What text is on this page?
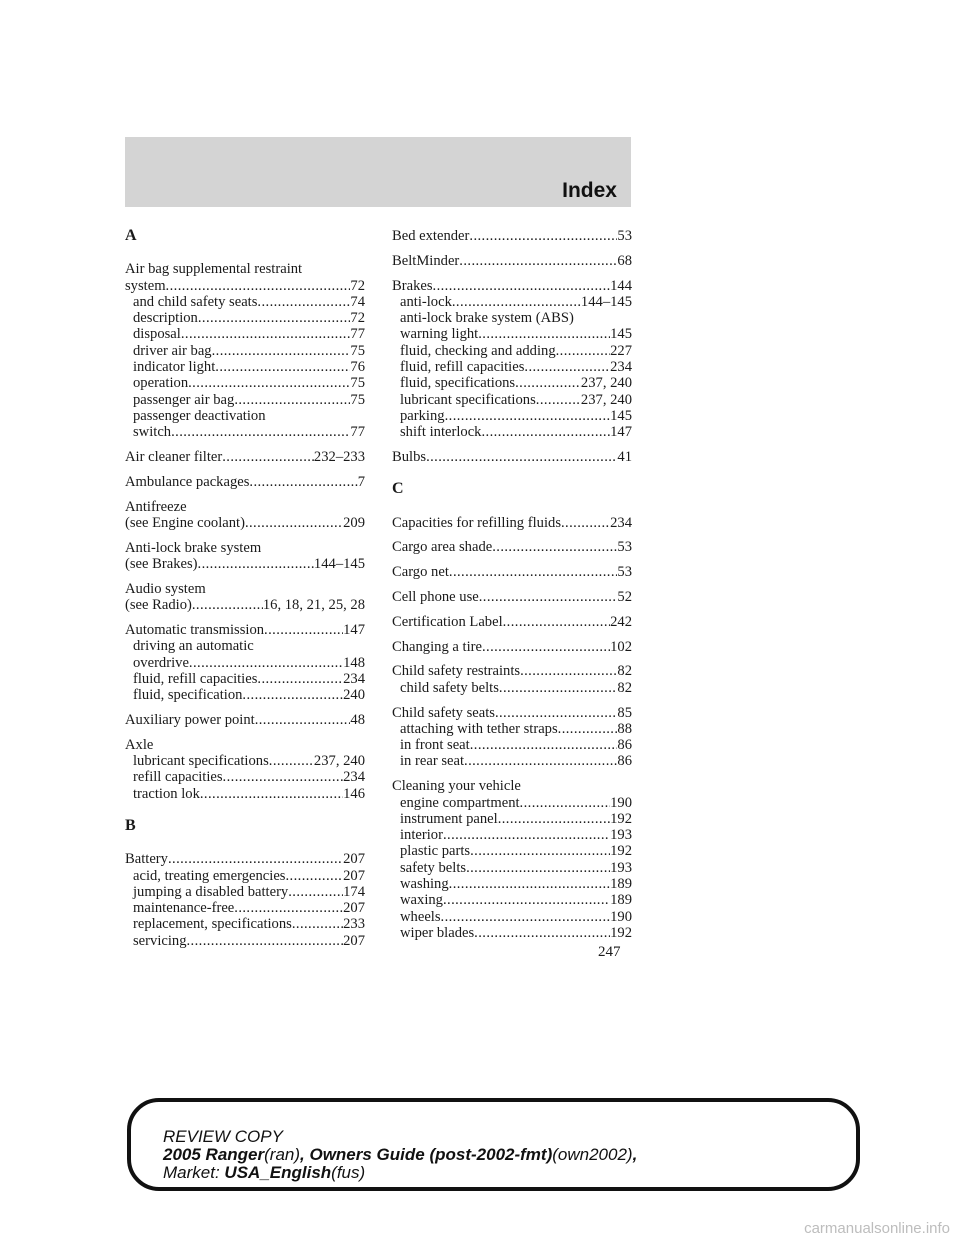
Index
A
Air bag supplemental restraint
system .....	72
and child safety seats .....	74
description .....	72
disposal .....	77
driver air bag .....	75
indicator light .....	76
operation .....	75
passenger air bag .....	75
passenger deactivation
switch .....	77
Air cleaner filter .....	232–233
Ambulance packages .....	7
Antifreeze
(see Engine coolant) .....	209
Anti-lock brake system
(see Brakes) .....	144–145
Audio system
(see Radio) .....	16, 18, 21, 25, 28
Automatic transmission .....	147
driving an automatic
overdrive .....	148
fluid, refill capacities .....	234
fluid, specification .....	240
Auxiliary power point .....	48
Axle
lubricant specifications .....	237, 240
refill capacities .....	234
traction lok .....	146
B
Battery .....	207
acid, treating emergencies .....	207
jumping a disabled battery .....	174
maintenance-free .....	207
replacement, specifications .....	233
servicing .....	207
Bed extender .....	53
BeltMinder .....	68
Brakes .....	144
anti-lock .....	144–145
anti-lock brake system (ABS)
warning light .....	145
fluid, checking and adding .....	227
fluid, refill capacities .....	234
fluid, specifications .....	237, 240
lubricant specifications .....	237, 240
parking .....	145
shift interlock .....	147
Bulbs .....	41
C
Capacities for refilling fluids .....	234
Cargo area shade .....	53
Cargo net .....	53
Cell phone use .....	52
Certification Label .....	242
Changing a tire .....	102
Child safety restraints .....	82
child safety belts .....	82
Child safety seats .....	85
attaching with tether straps .....	88
in front seat .....	86
in rear seat .....	86
Cleaning your vehicle
engine compartment .....	190
instrument panel .....	192
interior .....	193
plastic parts .....	192
safety belts .....	193
washing .....	189
waxing .....	189
wheels .....	190
wiper blades .....	192
247
REVIEW COPY
2005 Ranger(ran), Owners Guide (post-2002-fmt)(own2002),
Market: USA_English(fus)
carmanualsonline.info
